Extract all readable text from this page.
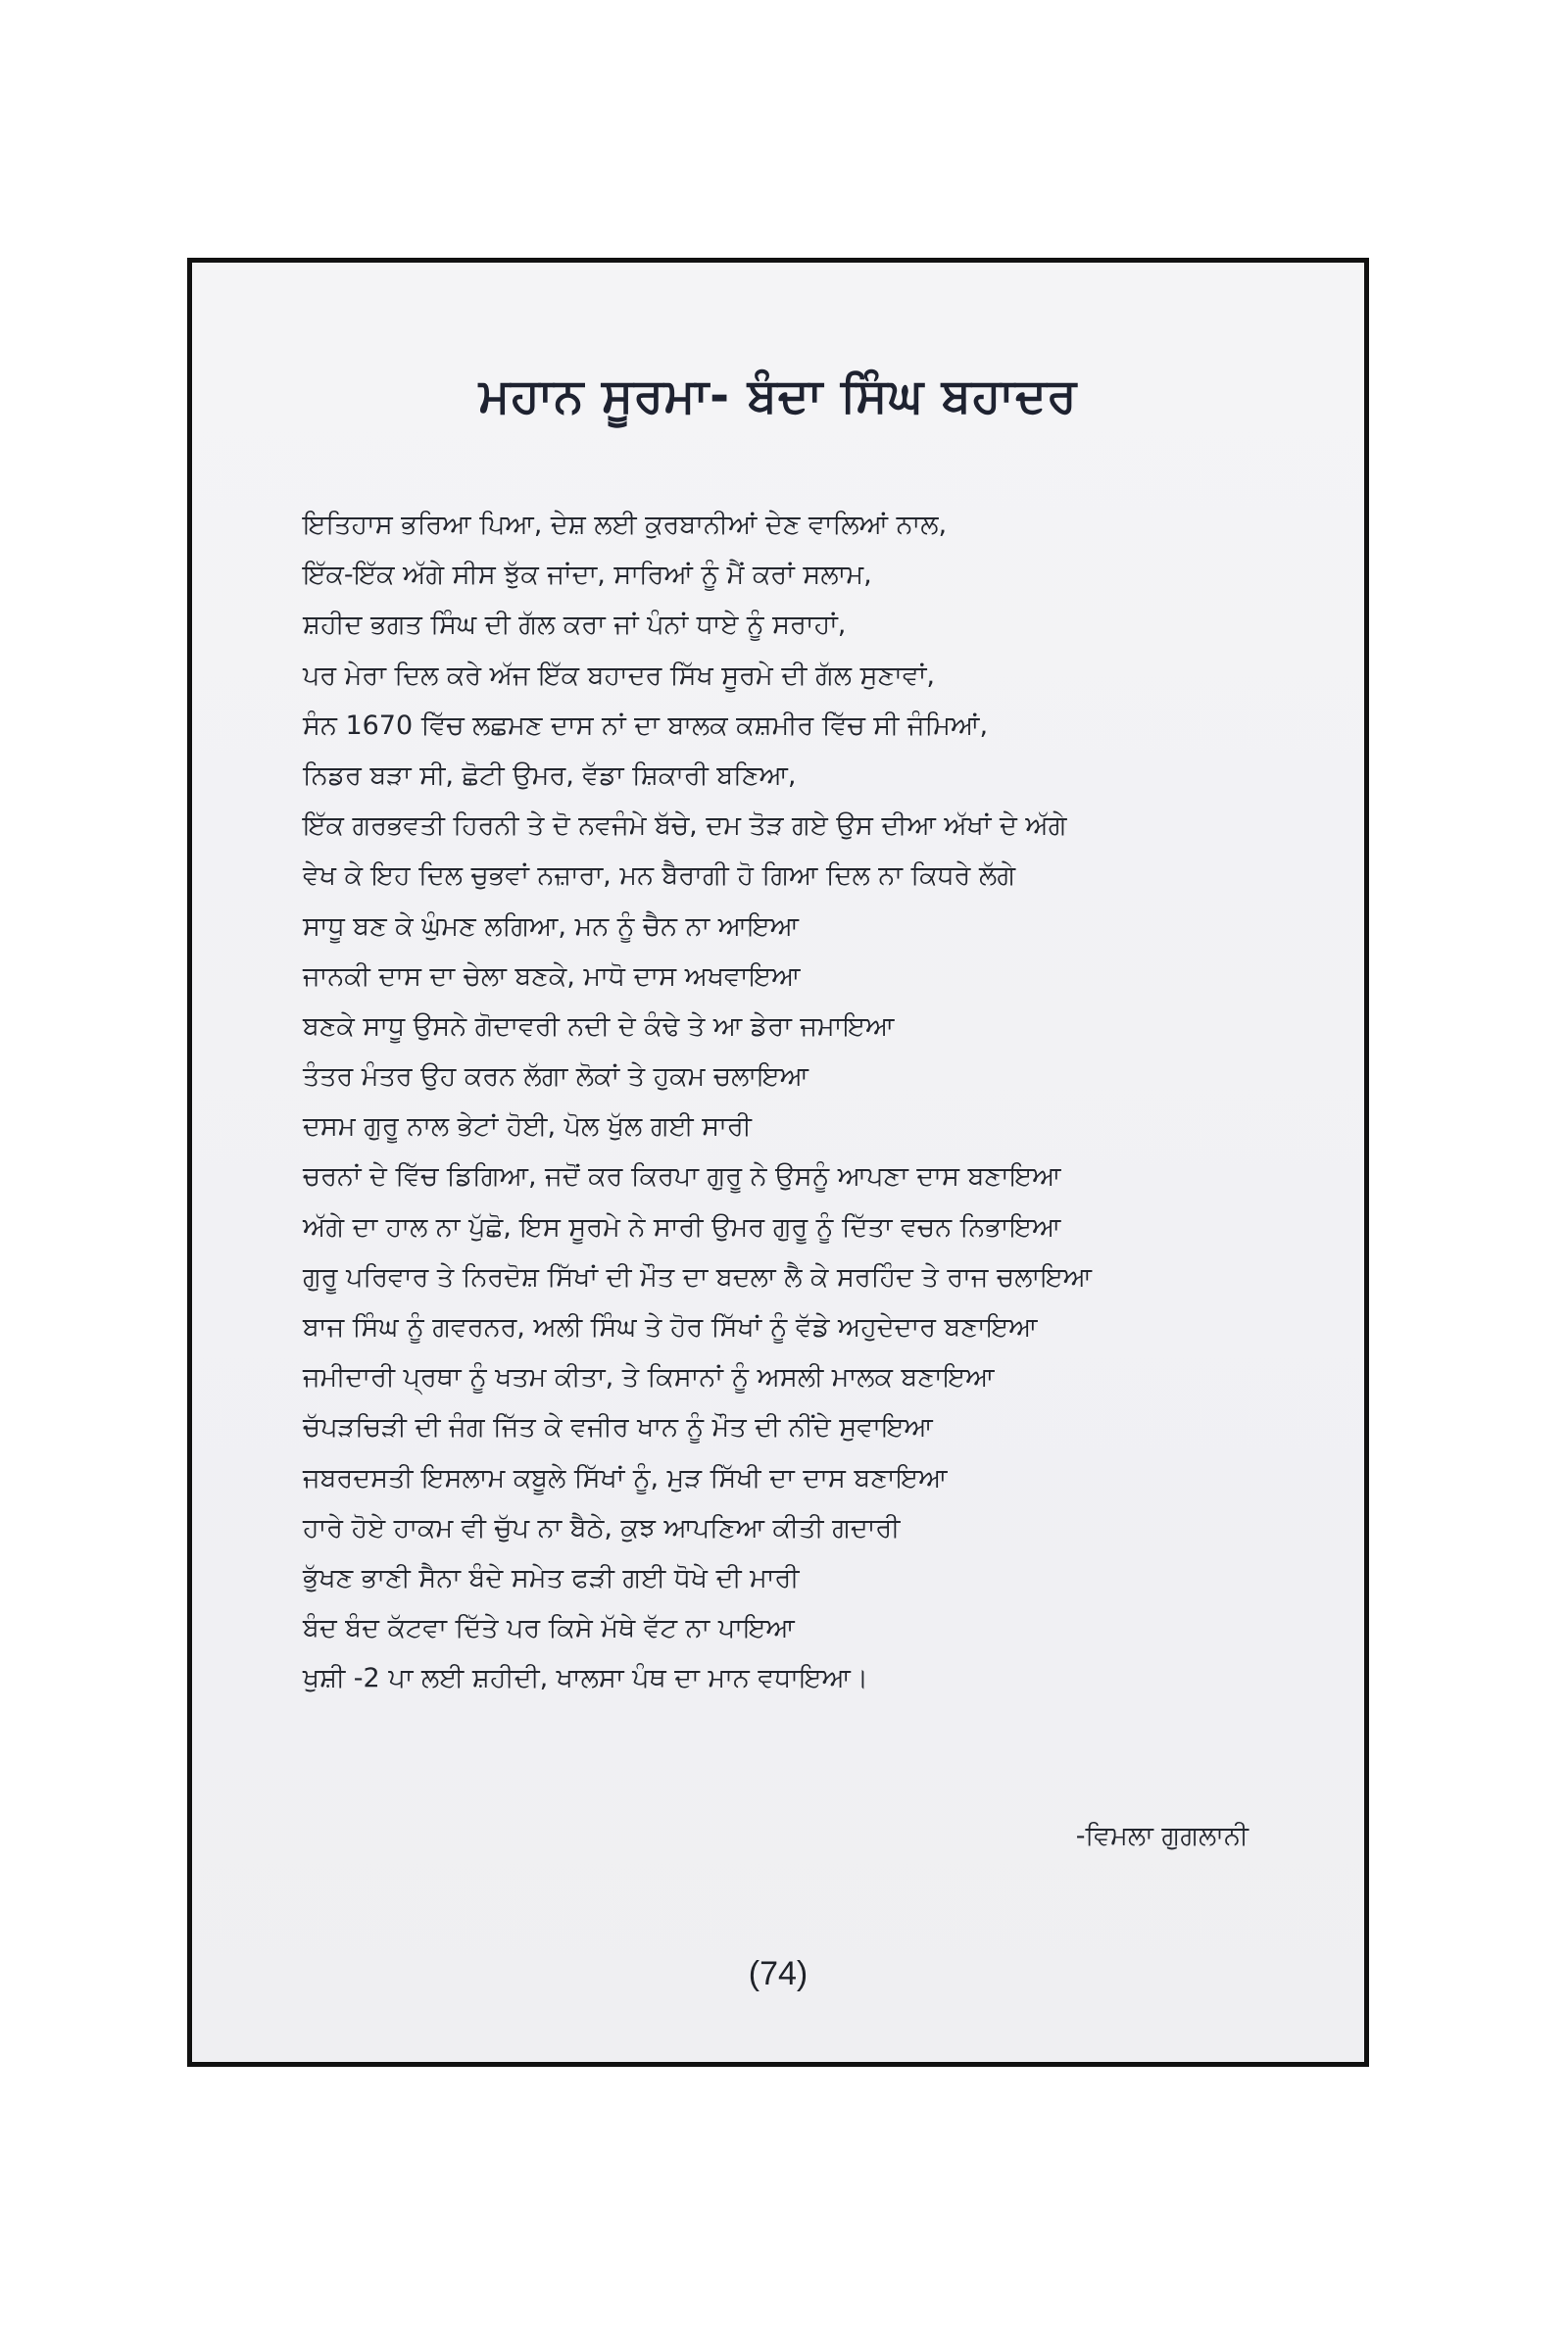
ਮਹਾਨ ਸੂਰਮਾ- ਬੰਦਾ ਸਿੰਘ ਬਹਾਦਰ
ਇਤਿਹਾਸ ਭਰਿਆ ਪਿਆ, ਦੇਸ਼ ਲਈ ਕੁਰਬਾਨੀਆਂ ਦੇਣ ਵਾਲਿਆਂ ਨਾਲ,
ਇੱਕ-ਇੱਕ ਅੱਗੇ ਸੀਸ ਝੁੱਕ ਜਾਂਦਾ, ਸਾਰਿਆਂ ਨੂੰ ਮੈਂ ਕਰਾਂ ਸਲਾਮ,
ਸ਼ਹੀਦ ਭਗਤ ਸਿੰਘ ਦੀ ਗੱਲ ਕਰਾ ਜਾਂ ਪੰਨਾਂ ਧਾਏ ਨੂੰ ਸਰਾਹਾਂ,
ਪਰ ਮੇਰਾ ਦਿਲ ਕਰੇ ਅੱਜ ਇੱਕ ਬਹਾਦਰ ਸਿੱਖ ਸੂਰਮੇ ਦੀ ਗੱਲ ਸੁਣਾਵਾਂ,
ਸੰਨ 1670 ਵਿੱਚ ਲਛਮਣ ਦਾਸ ਨਾਂ ਦਾ ਬਾਲਕ ਕਸ਼ਮੀਰ ਵਿੱਚ ਸੀ ਜੰਮਿਆਂ,
ਨਿਡਰ ਬੜਾ ਸੀ, ਛੋਟੀ ਉਮਰ, ਵੱਡਾ ਸ਼ਿਕਾਰੀ ਬਣਿਆ,
ਇੱਕ ਗਰਭਵਤੀ ਹਿਰਨੀ ਤੇ ਦੋ ਨਵਜੰਮੇ ਬੱਚੇ, ਦਮ ਤੋੜ ਗਏ ਉਸ ਦੀਆ ਅੱਖਾਂ ਦੇ ਅੱਗੇ
ਵੇਖ ਕੇ ਇਹ ਦਿਲ ਚੁਭਵਾਂ ਨਜ਼ਾਰਾ, ਮਨ ਬੈਰਾਗੀ ਹੋ ਗਿਆ ਦਿਲ ਨਾ ਕਿਧਰੇ ਲੱਗੇ
ਸਾਧੂ ਬਣ ਕੇ ਘੁੰਮਣ ਲਗਿਆ, ਮਨ ਨੂੰ ਚੈਨ ਨਾ ਆਇਆ
ਜਾਨਕੀ ਦਾਸ ਦਾ ਚੇਲਾ ਬਣਕੇ, ਮਾਧੋ ਦਾਸ ਅਖਵਾਇਆ
ਬਣਕੇ ਸਾਧੂ ਉਸਨੇ ਗੋਦਾਵਰੀ ਨਦੀ ਦੇ ਕੰਢੇ ਤੇ ਆ ਡੇਰਾ ਜਮਾਇਆ
ਤੰਤਰ ਮੰਤਰ ਉਹ ਕਰਨ ਲੱਗਾ ਲੋਕਾਂ ਤੇ ਹੁਕਮ ਚਲਾਇਆ
ਦਸਮ ਗੁਰੂ ਨਾਲ ਭੇਟਾਂ ਹੋਈ, ਪੋਲ ਖੁੱਲ ਗਈ ਸਾਰੀ
ਚਰਨਾਂ ਦੇ ਵਿੱਚ ਡਿਗਿਆ, ਜਦੋਂ ਕਰ ਕਿਰਪਾ ਗੁਰੂ ਨੇ ਉਸਨੂੰ ਆਪਣਾ ਦਾਸ ਬਣਾਇਆ
ਅੱਗੇ ਦਾ ਹਾਲ ਨਾ ਪੁੱਛੋ, ਇਸ ਸੂਰਮੇ ਨੇ ਸਾਰੀ ਉਮਰ ਗੁਰੂ ਨੂੰ ਦਿੱਤਾ ਵਚਨ ਨਿਭਾਇਆ
ਗੁਰੂ ਪਰਿਵਾਰ ਤੇ ਨਿਰਦੋਸ਼ ਸਿੱਖਾਂ ਦੀ ਮੌਤ ਦਾ ਬਦਲਾ ਲੈ ਕੇ ਸਰਹਿੰਦ ਤੇ ਰਾਜ ਚਲਾਇਆ
ਬਾਜ ਸਿੰਘ ਨੂੰ ਗਵਰਨਰ, ਅਲੀ ਸਿੰਘ ਤੇ ਹੋਰ ਸਿੱਖਾਂ ਨੂੰ ਵੱਡੇ ਅਹੁਦੇਦਾਰ ਬਣਾਇਆ
ਜਮੀਦਾਰੀ ਪ੍ਰਥਾ ਨੂੰ ਖਤਮ ਕੀਤਾ, ਤੇ ਕਿਸਾਨਾਂ ਨੂੰ ਅਸਲੀ ਮਾਲਕ ਬਣਾਇਆ
ਚੱਪੜਚਿੜੀ ਦੀ ਜੰਗ ਜਿੱਤ ਕੇ ਵਜੀਰ ਖਾਨ ਨੂੰ ਮੌਤ ਦੀ ਨੀਂਦੇ ਸੁਵਾਇਆ
ਜਬਰਦਸਤੀ ਇਸਲਾਮ ਕਬੂਲੇ ਸਿੱਖਾਂ ਨੂੰ, ਮੁੜ ਸਿੱਖੀ ਦਾ ਦਾਸ ਬਣਾਇਆ
ਹਾਰੇ ਹੋਏ ਹਾਕਮ ਵੀ ਚੁੱਪ ਨਾ ਬੈਠੇ, ਕੁਝ ਆਪਣਿਆ ਕੀਤੀ ਗਦਾਰੀ
ਭੁੱਖਣ ਭਾਣੀ ਸੈਨਾ ਬੰਦੇ ਸਮੇਤ ਫੜੀ ਗਈ ਧੋਖੇ ਦੀ ਮਾਰੀ
ਬੰਦ ਬੰਦ ਕੱਟਵਾ ਦਿੱਤੇ ਪਰ ਕਿਸੇ ਮੱਥੇ ਵੱਟ ਨਾ ਪਾਇਆ
ਖੁਸ਼ੀ -2 ਪਾ ਲਈ ਸ਼ਹੀਦੀ, ਖਾਲਸਾ ਪੰਥ ਦਾ ਮਾਨ ਵਧਾਇਆ।

-ਵਿਮਲਾ ਗੁਗਲਾਨੀ

(74)
